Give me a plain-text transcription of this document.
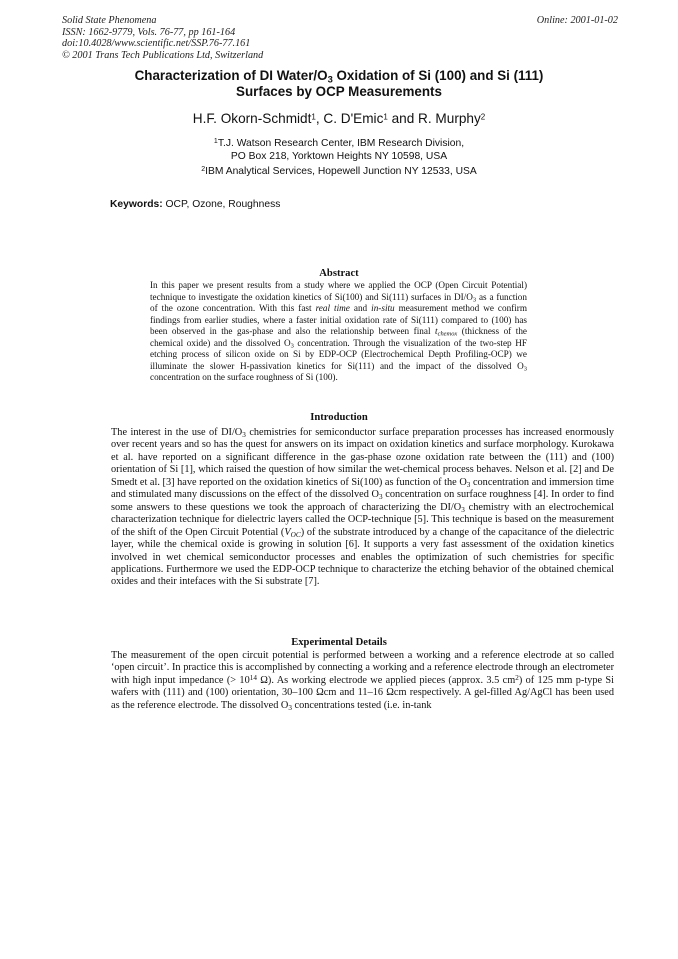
Solid State Phenomena
ISSN: 1662-9779, Vols. 76-77, pp 161-164
doi:10.4028/www.scientific.net/SSP.76-77.161
© 2001 Trans Tech Publications Ltd, Switzerland
Online: 2001-01-02
Characterization of DI Water/$O_3$ Oxidation of Si (100) and Si (111)
Surfaces by OCP Measurements
H.F. Okorn-Schmidt$^1$, C. D'Emic$^1$ and R. Murphy$^2$
$^1$T.J. Watson Research Center, IBM Research Division,
PO Box 218, Yorktown Heights NY 10598, USA
$^2$IBM Analytical Services, Hopewell Junction NY 12533, USA
Keywords: OCP, Ozone, Roughness
Abstract
In this paper we present results from a study where we applied the OCP (Open Circuit Potential) technique to investigate the oxidation kinetics of Si(100) and Si(111) surfaces in $DI/O_3$ as a function of the ozone concentration. With this fast real time and in-situ measurement method we confirm findings from earlier studies, where a faster initial oxidation rate of Si(111) compared to (100) has been observed in the gas-phase and also the relationship between final $t_{chemox}$ (thickness of the chemical oxide) and the dissolved $O_3$ concentration. Through the visualization of the two-step HF etching process of silicon oxide on Si by EDP-OCP (Electrochemical Depth Profiling-OCP) we illuminate the slower H-passivation kinetics for Si(111) and the impact of the dissolved $O_3$ concentration on the surface roughness of Si (100).
Introduction
The interest in the use of $DI/O_3$ chemistries for semiconductor surface preparation processes has increased enormously over recent years and so has the quest for answers on its impact on oxidation kinetics and surface morphology. Kurokawa et al. have reported on a significant difference in the gas-phase ozone oxidation rate between the (111) and (100) orientation of Si [1], which raised the question of how similar the wet-chemical process behaves. Nelson et al. [2] and De Smedt et al. [3] have reported on the oxidation kinetics of Si(100) as function of the $O_3$ concentration and immersion time and stimulated many discussions on the effect of the dissolved $O_3$ concentration on surface roughness [4]. In order to find some answers to these questions we took the approach of characterizing the $DI/O_3$ chemistry with an electrochemical characterization technique for dielectric layers called the OCP-technique [5]. This technique is based on the measurement of the shift of the Open Circuit Potential $(V_{OC})$ of the substrate introduced by a change of the capacitance of the dielectric layer, while the chemical oxide is growing in solution [6]. It supports a very fast assessment of the oxidation kinetics involved in wet chemical semiconductor processes and enables the optimization of such chemistries for specific applications. Furthermore we used the EDP-OCP technique to characterize the etching behavior of the obtained chemical oxides and their intefaces with the Si substrate [7].
Experimental Details
The measurement of the open circuit potential is performed between a working and a reference electrode at so called ‘open circuit’. In practice this is accomplished by connecting a working and a reference electrode through an electrometer with high input impedance (> $10^{14}$ Ω). As working electrode we applied pieces (approx. 3.5 $cm^2$) of 125 mm p-type Si wafers with (111) and (100) orientation, 30–100 Ωcm and 11–16 Ωcm respectively. A gel-filled Ag/AgCl has been used as the reference electrode. The dissolved $O_3$ concentrations tested (i.e. in-tank
